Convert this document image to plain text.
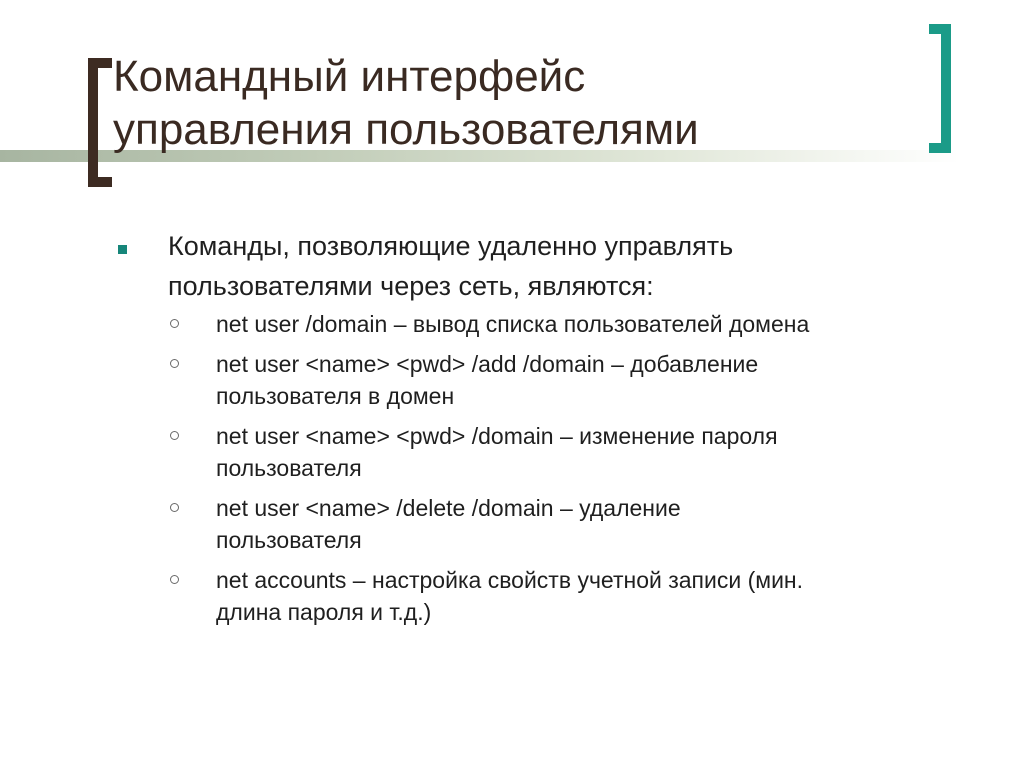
Командный интерфейс
управления пользователями
Команды, позволяющие удаленно управлять
пользователями через сеть, являются:
net user /domain – вывод списка пользователей домена
net user <name> <pwd> /add /domain – добавление
пользователя в домен
net user <name> <pwd> /domain – изменение пароля
пользователя
net user <name> /delete /domain – удаление
пользователя
net accounts – настройка свойств учетной записи (мин.
длина пароля и т.д.)
